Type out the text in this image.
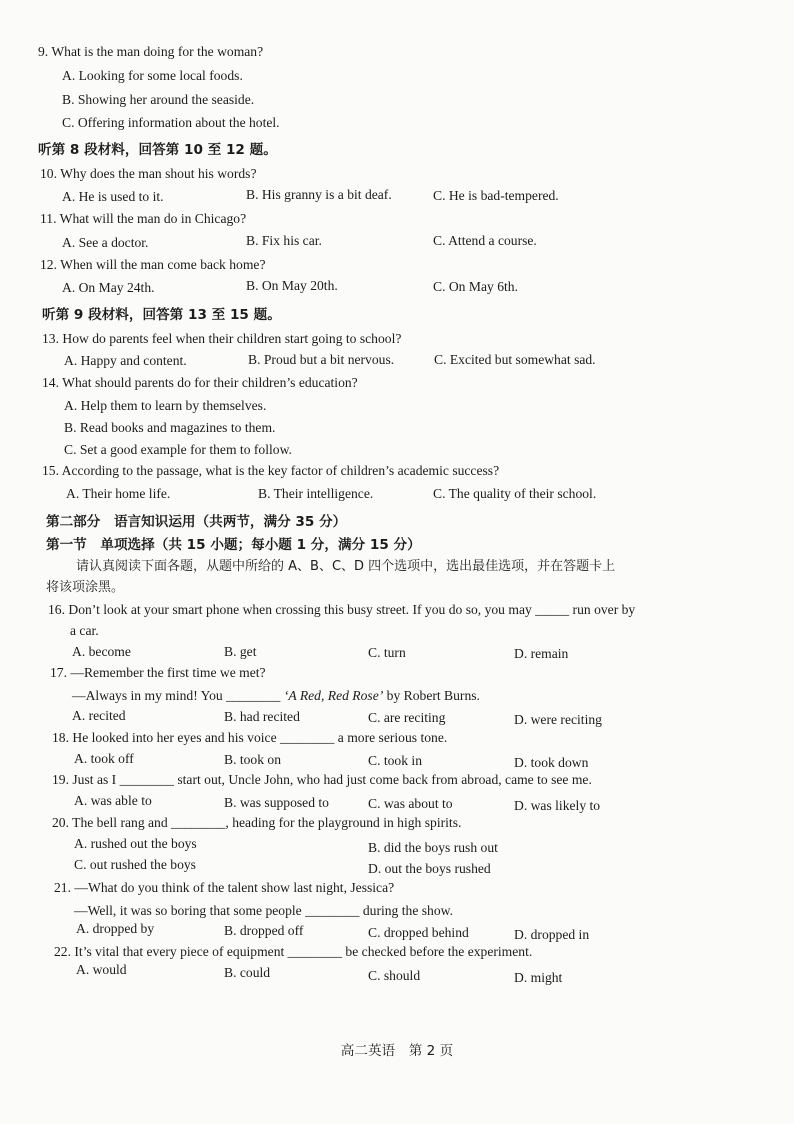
9. What is the man doing for the woman?
A. Looking for some local foods.
B. Showing her around the seaside.
C. Offering information about the hotel.
听第 8 段材料，回答第 10 至 12 题。
10. Why does the man shout his words?
A. He is used to it.	B. His granny is a bit deaf.	C. He is bad-tempered.
11. What will the man do in Chicago?
A. See a doctor.	B. Fix his car.	C. Attend a course.
12. When will the man come back home?
A. On May 24th.	B. On May 20th.	C. On May 6th.
听第 9 段材料，回答第 13 至 15 题。
13. How do parents feel when their children start going to school?
A. Happy and content.	B. Proud but a bit nervous.	C. Excited but somewhat sad.
14. What should parents do for their children’s education?
A. Help them to learn by themselves.
B. Read books and magazines to them.
C. Set a good example for them to follow.
15. According to the passage, what is the key factor of children’s academic success?
A. Their home life.	B. Their intelligence.	C. The quality of their school.
第二部分　语言知识运用（共两节，满分 35 分）
第一节　单项选择（共 15 小题；每小题 1 分，满分 15 分）
请认真阅读下面各题，从题中所给的 A、B、C、D 四个选项中，选出最佳选项，并在答题卡上
将该项涂黑。
16. Don’t look at your smart phone when crossing this busy street. If you do so, you may _____ run over by
a car.
A. become	B. get	C. turn	D. remain
17. —Remember the first time we met?
—Always in my mind! You ________ ‘A Red, Red Rose’ by Robert Burns.
A. recited	B. had recited	C. are reciting	D. were reciting
18. He looked into her eyes and his voice ________ a more serious tone.
A. took off	B. took on	C. took in	D. took down
19. Just as I ________ start out, Uncle John, who had just come back from abroad, came to see me.
A. was able to	B. was supposed to	C. was about to	D. was likely to
20. The bell rang and ________, heading for the playground in high spirits.
A. rushed out the boys	B. did the boys rush out
C. out rushed the boys	D. out the boys rushed
21. —What do you think of the talent show last night, Jessica?
—Well, it was so boring that some people ________ during the show.
A. dropped by	B. dropped off	C. dropped behind	D. dropped in
22. It’s vital that every piece of equipment ________ be checked before the experiment.
A. would	B. could	C. should	D. might
高二英语　第 2 页
